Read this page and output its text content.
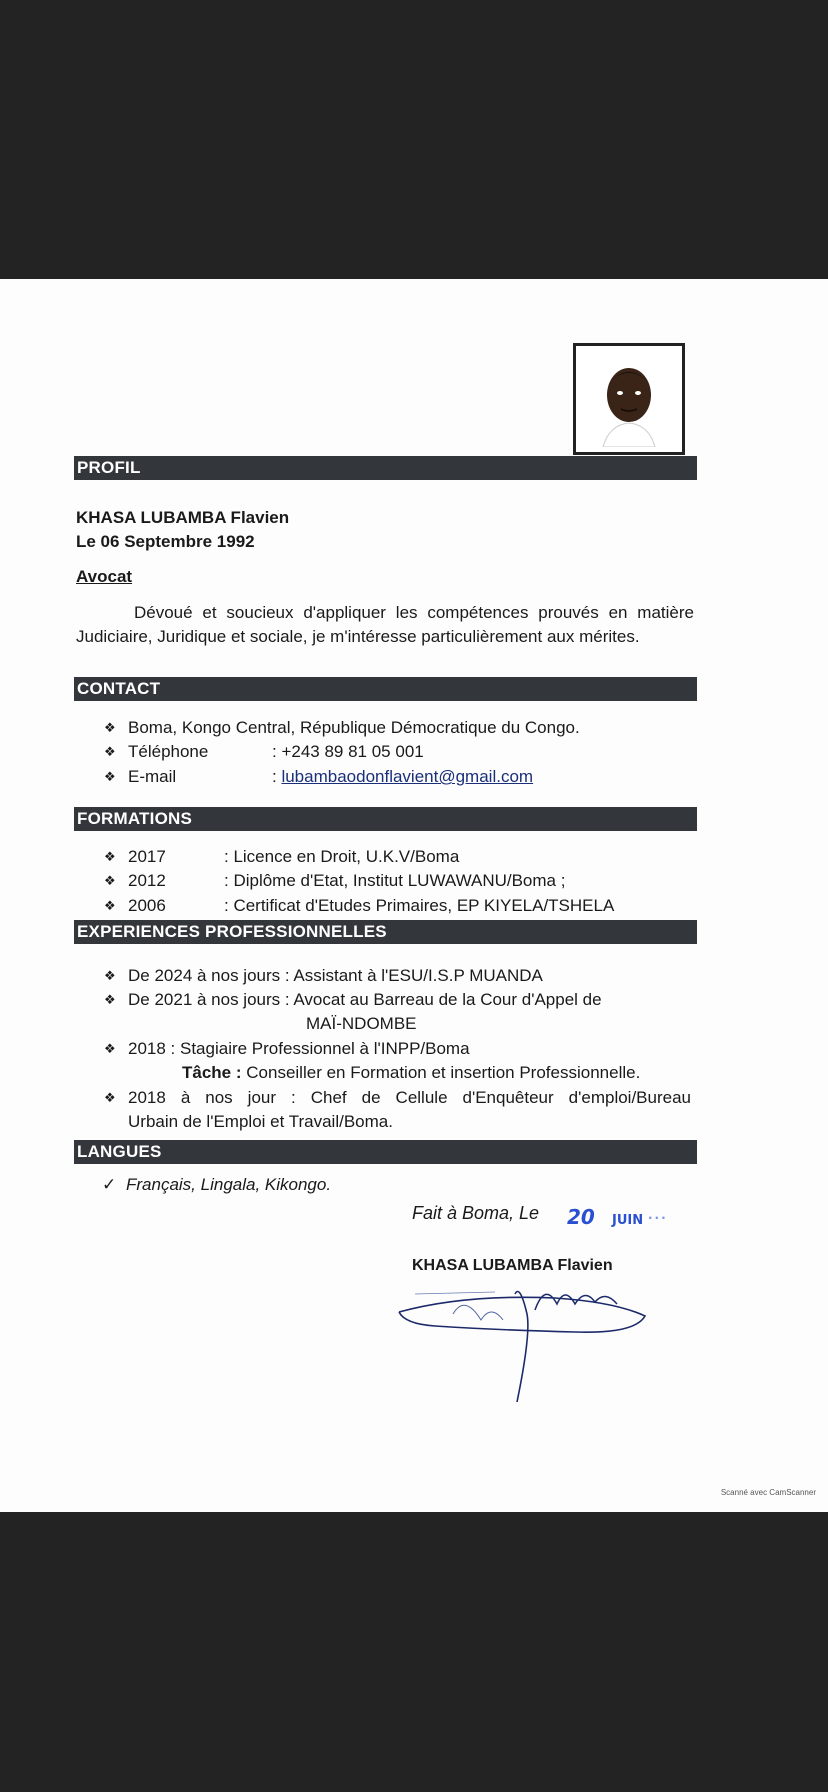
PROFIL
KHASA LUBAMBA Flavien
Le 06 Septembre 1992
Avocat
Dévoué et soucieux d'appliquer les compétences prouvés en matière Judiciaire, Juridique et sociale, je m'intéresse particulièrement aux mérites.
CONTACT
❖ Boma, Kongo Central, République Démocratique du Congo.
❖ Téléphone	: +243 89 81 05 001
❖ E-mail	: lubambaodonflavient@gmail.com
FORMATIONS
❖ 2017	: Licence en Droit, U.K.V/Boma
❖ 2012	: Diplôme d'Etat, Institut LUWAWANU/Boma ;
❖ 2006	: Certificat d'Etudes Primaires, EP KIYELA/TSHELA
EXPERIENCES PROFESSIONNELLES
❖ De 2024 à nos jours : Assistant à l'ESU/I.S.P MUANDA
❖ De 2021 à nos jours : Avocat au Barreau de la Cour d'Appel de
MAÏ-NDOMBE
❖ 2018 : Stagiaire Professionnel à l'INPP/Boma
Tâche : Conseiller en Formation et insertion Professionnelle.
❖ 2018 à nos jour : Chef de Cellule d'Enquêteur d'emploi/Bureau
Urbain de l'Emploi et Travail/Boma.
LANGUES
✓ Français, Lingala, Kikongo.
Fait à Boma, Le 20 JUIN ···
KHASA LUBAMBA Flavien
Scanné avec CamScanner
